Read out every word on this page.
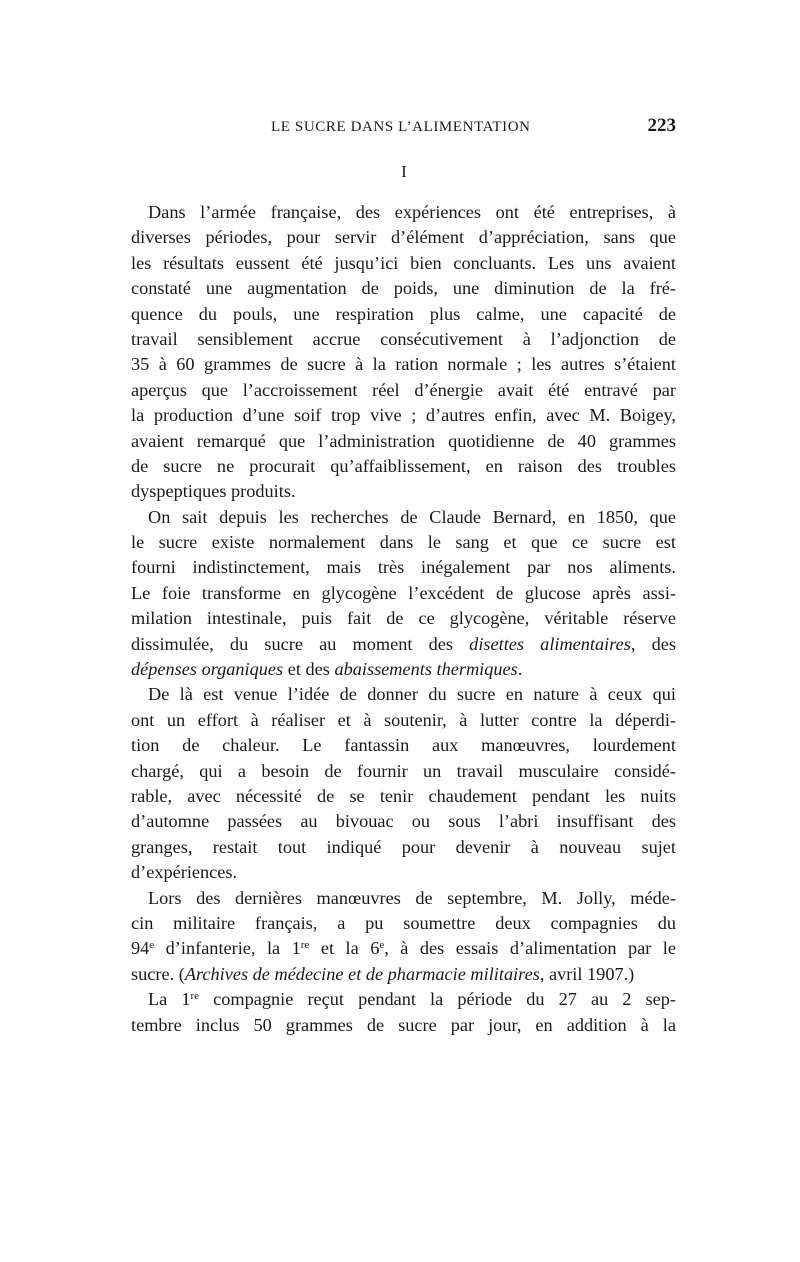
LE SUCRE DANS L’ALIMENTATION	223
I
Dans l’armée française, des expériences ont été entreprises, à
diverses périodes, pour servir d’élément d’appréciation, sans que
les résultats eussent été jusqu’ici bien concluants. Les uns avaient
constaté une augmentation de poids, une diminution de la fré-
quence du pouls, une respiration plus calme, une capacité de
travail sensiblement accrue consécutivement à l’adjonction de
35 à 60 grammes de sucre à la ration normale ; les autres s’étaient
aperçus que l’accroissement réel d’énergie avait été entravé par
la production d’une soif trop vive ; d’autres enfin, avec M. Boigey,
avaient remarqué que l’administration quotidienne de 40 grammes
de sucre ne procurait qu’affaiblissement, en raison des troubles
dyspeptiques produits.
On sait depuis les recherches de Claude Bernard, en 1850, que
le sucre existe normalement dans le sang et que ce sucre est
fourni indistinctement, mais très inégalement par nos aliments.
Le foie transforme en glycogène l’excédent de glucose après assi-
milation intestinale, puis fait de ce glycogène, véritable réserve
dissimulée, du sucre au moment des disettes alimentaires, des
dépenses organiques et des abaissements thermiques.
De là est venue l’idée de donner du sucre en nature à ceux qui
ont un effort à réaliser et à soutenir, à lutter contre la déperdi-
tion de chaleur. Le fantassin aux manœuvres, lourdement
chargé, qui a besoin de fournir un travail musculaire considé-
rable, avec nécessité de se tenir chaudement pendant les nuits
d’automne passées au bivouac ou sous l’abri insuffisant des
granges, restait tout indiqué pour devenir à nouveau sujet
d’expériences.
Lors des dernières manœuvres de septembre, M. Jolly, méde-
cin militaire français, a pu soumettre deux compagnies du
94e d’infanterie, la 1re et la 6e, à des essais d’alimentation par le
sucre. (Archives de médecine et de pharmacie militaires, avril 1907.)
La 1re compagnie reçut pendant la période du 27 au 2 sep-
tembre inclus 50 grammes de sucre par jour, en addition à la
